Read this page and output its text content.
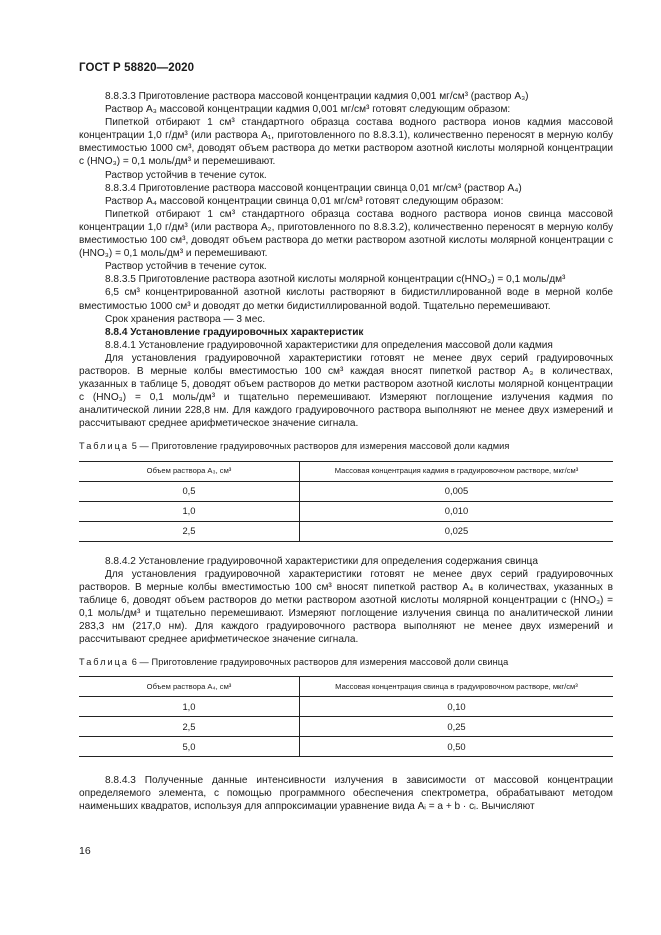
ГОСТ Р 58820—2020

8.8.3.3 Приготовление раствора массовой концентрации кадмия 0,001 мг/см³ (раствор A₃)

Раствор A₃ массовой концентрации кадмия 0,001 мг/см³ готовят следующим образом:

Пипеткой отбирают 1 см³ стандартного образца состава водного раствора ионов кадмия массовой концентрации 1,0 г/дм³ (или раствора A₁, приготовленного по 8.8.3.1), количественно переносят в мерную колбу вместимостью 1000 см³, доводят объем раствора до метки раствором азотной кислоты молярной концентрации c (HNO₃) = 0,1 моль/дм³ и перемешивают.

Раствор устойчив в течение суток.

8.8.3.4 Приготовление раствора массовой концентрации свинца 0,01 мг/см³ (раствор A₄)

Раствор A₄ массовой концентрации свинца 0,01 мг/см³ готовят следующим образом:

Пипеткой отбирают 1 см³ стандартного образца состава водного раствора ионов свинца массовой концентрации 1,0 г/дм³ (или раствора A₂, приготовленного по 8.8.3.2), количественно переносят в мерную колбу вместимостью 100 см³, доводят объем раствора до метки раствором азотной кислоты молярной концентрации c (HNO₃) = 0,1 моль/дм³ и перемешивают.

Раствор устойчив в течение суток.

8.8.3.5 Приготовление раствора азотной кислоты молярной концентрации c(HNO₃) = 0,1 моль/дм³

6,5 см³ концентрированной азотной кислоты растворяют в бидистиллированной воде в мерной колбе вместимостью 1000 см³ и доводят до метки бидистиллированной водой. Тщательно перемешивают.

Срок хранения раствора — 3 мес.

8.8.4 Установление градуировочных характеристик

8.8.4.1 Установление градуировочной характеристики для определения массовой доли кадмия

Для установления градуировочной характеристики готовят не менее двух серий градуировочных растворов. В мерные колбы вместимостью 100 см³ каждая вносят пипеткой раствор A₃ в количествах, указанных в таблице 5, доводят объем растворов до метки раствором азотной кислоты молярной концентрации c (HNO₃) = 0,1 моль/дм³ и тщательно перемешивают. Измеряют поглощение излучения кадмия по аналитической линии 228,8 нм. Для каждого градуировочного раствора выполняют не менее двух измерений и рассчитывают среднее арифметическое значение сигнала.

Таблица 5 — Приготовление градуировочных растворов для измерения массовой доли кадмия

Объем раствора A₃, см³	Массовая концентрация кадмия в градуировочном растворе, мкг/см³
0,5	0,005
1,0	0,010
2,5	0,025

8.8.4.2 Установление градуировочной характеристики для определения содержания свинца

Для установления градуировочной характеристики готовят не менее двух серий градуировочных растворов. В мерные колбы вместимостью 100 см³ вносят пипеткой раствор A₄ в количествах, указанных в таблице 6, доводят объем растворов до метки раствором азотной кислоты молярной концентрации c (HNO₃) = 0,1 моль/дм³ и тщательно перемешивают. Измеряют поглощение излучения свинца по аналитической линии 283,3 нм (217,0 нм). Для каждого градуировочного раствора выполняют не менее двух измерений и рассчитывают среднее арифметическое значение сигнала.

Таблица 6 — Приготовление градуировочных растворов для измерения массовой доли свинца

Объем раствора A₄, см³	Массовая концентрация свинца в градуировочном растворе, мкг/см³
1,0	0,10
2,5	0,25
5,0	0,50

8.8.4.3 Полученные данные интенсивности излучения в зависимости от массовой концентрации определяемого элемента, с помощью программного обеспечения спектрометра, обрабатывают методом наименьших квадратов, используя для аппроксимации уравнение вида Aᵢ = a + b · cᵢ. Вычисляют

16
